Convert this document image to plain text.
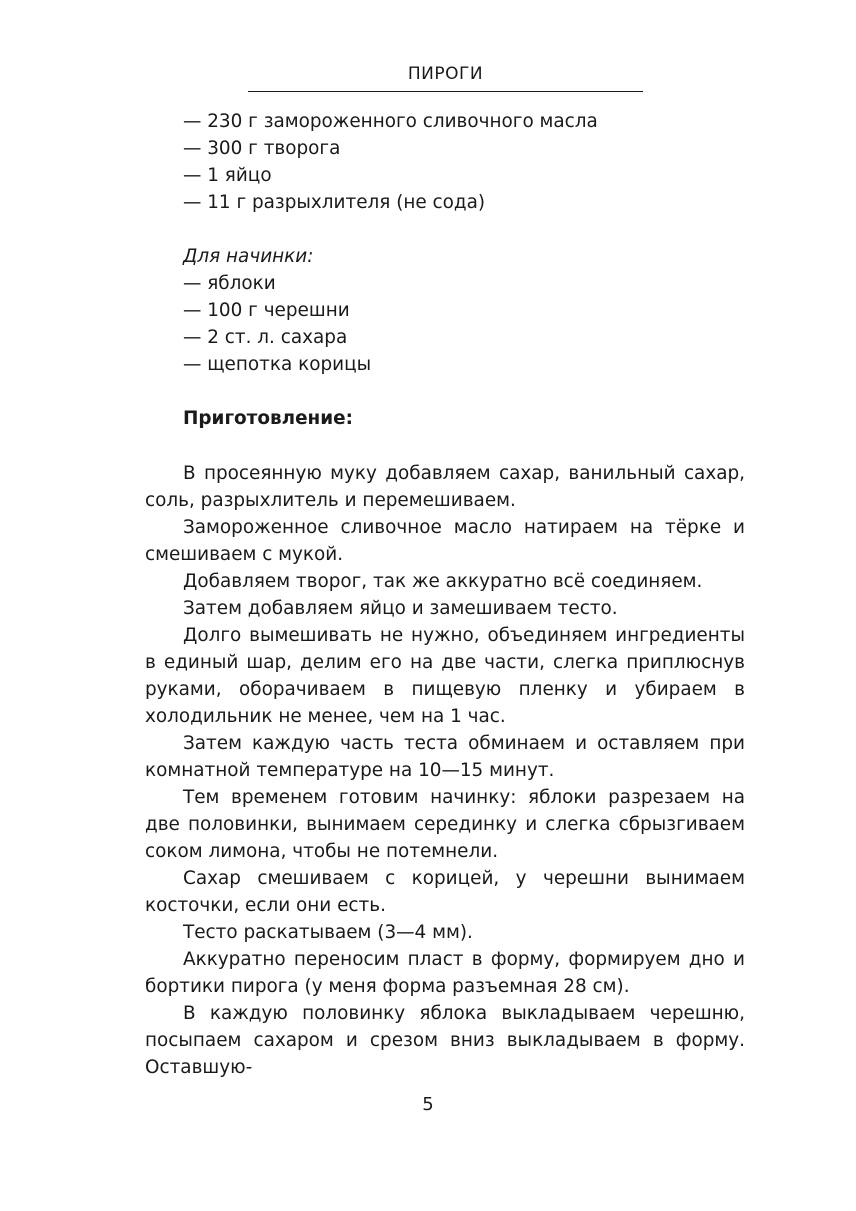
ПИРОГИ
— 230 г замороженного сливочного масла
— 300 г творога
— 1 яйцо
— 11 г разрыхлителя (не сода)
Для начинки:
— яблоки
— 100 г черешни
— 2 ст. л. сахара
— щепотка корицы
Приготовление:

В просеянную муку добавляем сахар, ванильный сахар, соль, разрыхлитель и перемешиваем.

Замороженное сливочное масло натираем на тёрке и смешиваем с мукой.

Добавляем творог, так же аккуратно всё соединяем.

Затем добавляем яйцо и замешиваем тесто.

Долго вымешивать не нужно, объединяем ингредиенты в единый шар, делим его на две части, слегка приплюснув руками, оборачиваем в пищевую пленку и убираем в холодильник не менее, чем на 1 час.

Затем каждую часть теста обминаем и оставляем при комнатной температуре на 10—15 минут.

Тем временем готовим начинку: яблоки разрезаем на две половинки, вынимаем серединку и слегка сбрызгиваем соком лимона, чтобы не потемнели.

Сахар смешиваем с корицей, у черешни вынимаем косточки, если они есть.

Тесто раскатываем (3—4 мм).

Аккуратно переносим пласт в форму, формируем дно и бортики пирога (у меня форма разъемная 28 см).

В каждую половинку яблока выкладываем черешню, посыпаем сахаром и срезом вниз выкладываем в форму. Оставшую-

5
